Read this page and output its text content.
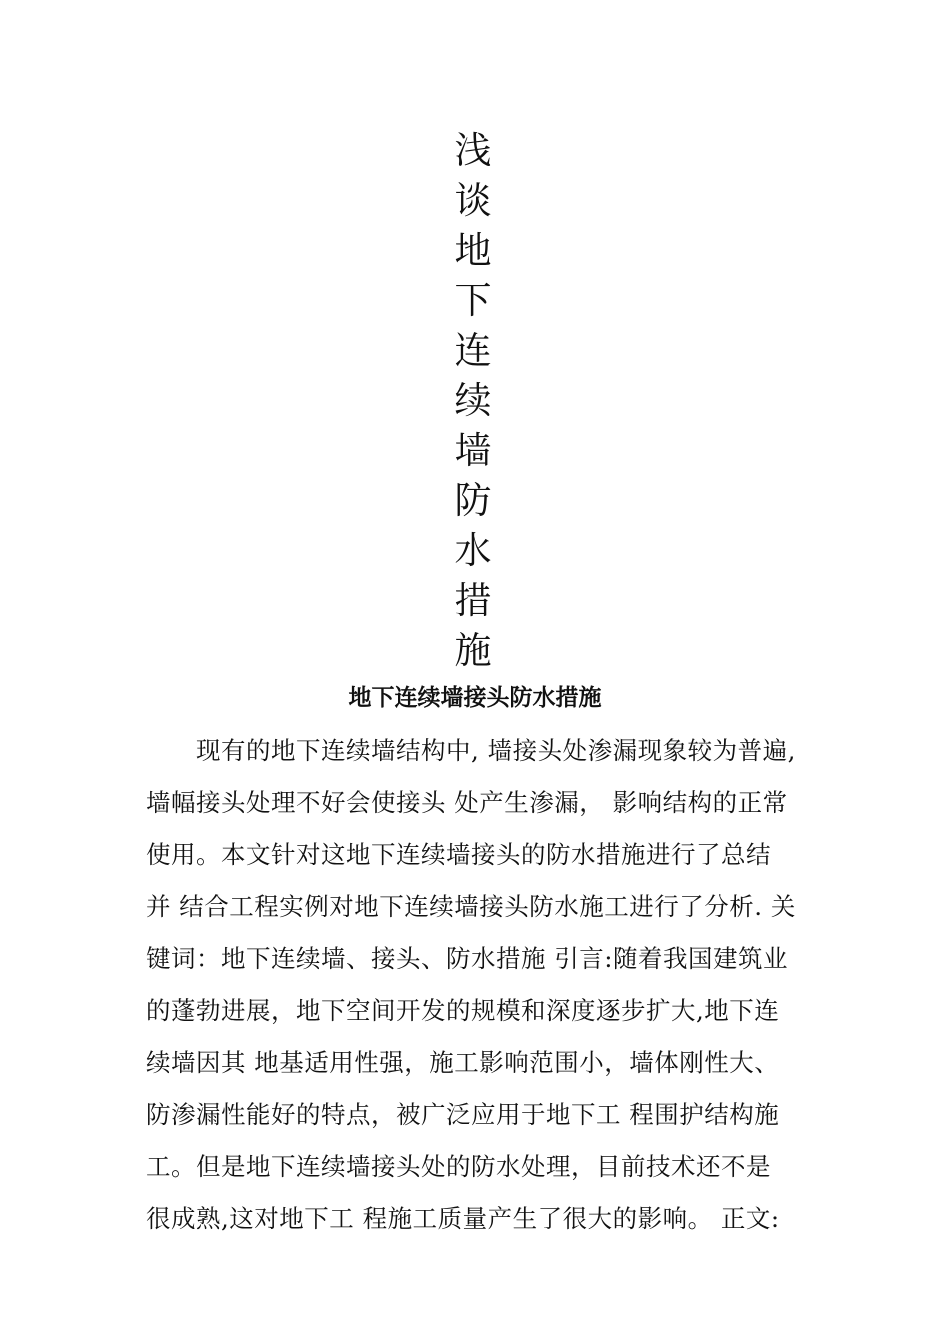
浅
谈
地
下
连
续
墙
防
水
措
施
地下连续墙接头防水措施
现有的地下连续墙结构中, 墙接头处渗漏现象较为普遍,
墙幅接头处理不好会使接头 处产生渗漏， 影响结构的正常
使用。本文针对这地下连续墙接头的防水措施进行了总结
并 结合工程实例对地下连续墙接头防水施工进行了分析. 关
键词：地下连续墙、接头、防水措施 引言:随着我国建筑业
的蓬勃进展，地下空间开发的规模和深度逐步扩大,地下连
续墙因其 地基适用性强，施工影响范围小，墙体刚性大、
防渗漏性能好的特点，被广泛应用于地下工 程围护结构施
工。但是地下连续墙接头处的防水处理，目前技术还不是
很成熟,这对地下工 程施工质量产生了很大的影响。 正文:
